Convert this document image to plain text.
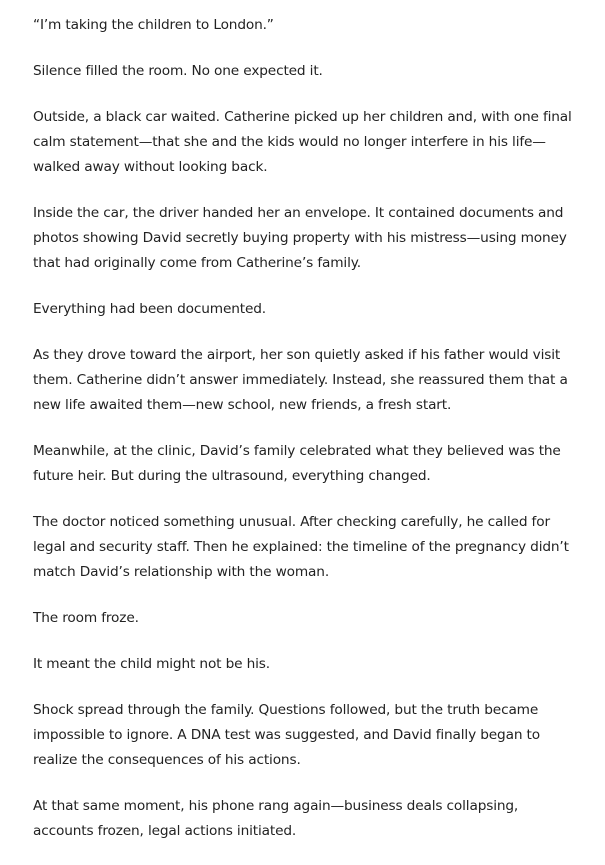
“I’m taking the children to London.”

Silence filled the room. No one expected it.

Outside, a black car waited. Catherine picked up her children and, with one final calm statement—that she and the kids would no longer interfere in his life—walked away without looking back.

Inside the car, the driver handed her an envelope. It contained documents and photos showing David secretly buying property with his mistress—using money that had originally come from Catherine’s family.

Everything had been documented.

As they drove toward the airport, her son quietly asked if his father would visit them. Catherine didn’t answer immediately. Instead, she reassured them that a new life awaited them—new school, new friends, a fresh start.

Meanwhile, at the clinic, David’s family celebrated what they believed was the future heir. But during the ultrasound, everything changed.

The doctor noticed something unusual. After checking carefully, he called for legal and security staff. Then he explained: the timeline of the pregnancy didn’t match David’s relationship with the woman.

The room froze.

It meant the child might not be his.

Shock spread through the family. Questions followed, but the truth became impossible to ignore. A DNA test was suggested, and David finally began to realize the consequences of his actions.

At that same moment, his phone rang again—business deals collapsing, accounts frozen, legal actions initiated.
